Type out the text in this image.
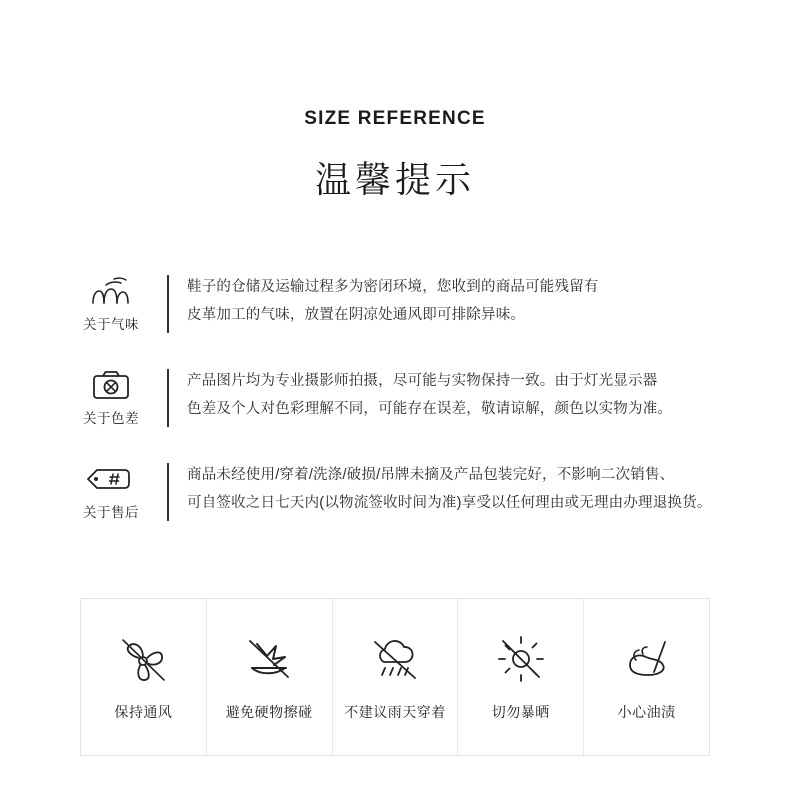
SIZE REFERENCE
温馨提示
关于气味
鞋子的仓储及运输过程多为密闭环境，您收到的商品可能残留有
皮革加工的气味，放置在阴凉处通风即可排除异味。
关于色差
产品图片均为专业摄影师拍摄，尽可能与实物保持一致。由于灯光显示器
色差及个人对色彩理解不同，可能存在误差，敬请谅解，颜色以实物为准。
关于售后
商品未经使用/穿着/洗涤/破损/吊牌未摘及产品包装完好，不影响二次销售、
可自签收之日七天内(以物流签收时间为准)享受以任何理由或无理由办理退换货。
保持通风	避免硬物擦碰 不建议雨天穿着	切勿暴晒	小心油渍
